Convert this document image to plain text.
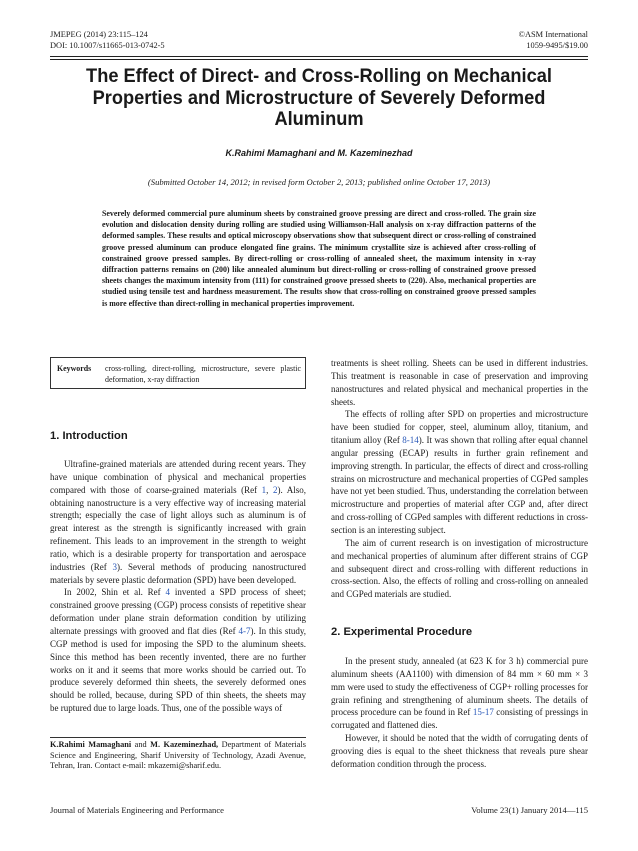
JMEPEG (2014) 23:115–124
DOI: 10.1007/s11665-013-0742-5
©ASM International
1059-9495/$19.00
The Effect of Direct- and Cross-Rolling on Mechanical Properties and Microstructure of Severely Deformed Aluminum
K.Rahimi Mamaghani and M. Kazeminezhad
(Submitted October 14, 2012; in revised form October 2, 2013; published online October 17, 2013)
Severely deformed commercial pure aluminum sheets by constrained groove pressing are direct and cross-rolled. The grain size evolution and dislocation density during rolling are studied using Williamson-Hall analysis on x-ray diffraction patterns of the deformed samples. These results and optical microscopy observations show that subsequent direct or cross-rolling of constrained groove pressed aluminum can produce elongated fine grains. The minimum crystallite size is achieved after cross-rolling of constrained groove pressed samples. By direct-rolling or cross-rolling of annealed sheet, the maximum intensity in x-ray diffraction patterns remains on (200) like annealed aluminum but direct-rolling or cross-rolling of constrained groove pressed sheets changes the maximum intensity from (111) for constrained groove pressed sheets to (220). Also, mechanical properties are studied using tensile test and hardness measurement. The results show that cross-rolling on constrained groove pressed samples is more effective than direct-rolling in mechanical properties improvement.
Keywords cross-rolling, direct-rolling, microstructure, severe plastic deformation, x-ray diffraction
1. Introduction

Ultrafine-grained materials are attended during recent years. They have unique combination of physical and mechanical properties compared with those of coarse-grained materials (Ref 1, 2). Also, obtaining nanostructure is a very effective way of increasing material strength; especially the case of light alloys such as aluminum is of great interest as the strength is significantly increased with grain refinement. This leads to an improvement in the strength to weight ratio, which is a desirable property for transportation and aerospace industries (Ref 3). Several methods of producing nanostructured materials by severe plastic deformation (SPD) have been developed.

In 2002, Shin et al. Ref 4 invented a SPD process of sheet; constrained groove pressing (CGP) process consists of repetitive shear deformation under plane strain deformation condition by utilizing alternate pressings with grooved and flat dies (Ref 4-7). In this study, CGP method is used for imposing the SPD to the aluminum sheets. Since this method has been recently invented, there are no further works on it and it seems that more works should be carried out. To produce severely deformed thin sheets, the severely deformed ones should be rolled, because, during SPD of thin sheets, the sheets may be ruptured due to large loads. Thus, one of the possible ways of

K.Rahimi Mamaghani and M. Kazeminezhad, Department of Materials Science and Engineering, Sharif University of Technology, Azadi Avenue, Tehran, Iran. Contact e-mail: mkazemi@sharif.edu.

treatments is sheet rolling. Sheets can be used in different industries. This treatment is reasonable in case of preservation and improving nanostructures and related physical and mechanical properties in the sheets.

The effects of rolling after SPD on properties and microstructure have been studied for copper, steel, aluminum alloy, titanium, and titanium alloy (Ref 8-14). It was shown that rolling after equal channel angular pressing (ECAP) results in further grain refinement and improving strength. In particular, the effects of direct and cross-rolling strains on microstructure and mechanical properties of CGPed samples have not yet been studied. Thus, understanding the correlation between microstructure and properties of material after CGP and, after direct and cross-rolling of CGPed samples with different reductions in cross-section is an interesting subject.

The aim of current research is on investigation of microstructure and mechanical properties of aluminum after different strains of CGP and subsequent direct and cross-rolling with different reductions in cross-section. Also, the effects of rolling and cross-rolling on annealed and CGPed materials are studied.

2. Experimental Procedure

In the present study, annealed (at 623 K for 3 h) commercial pure aluminum sheets (AA1100) with dimension of 84 mm × 60 mm × 3 mm were used to study the effectiveness of CGP+ rolling processes for grain refining and strengthening of aluminum sheets. The details of process procedure can be found in Ref 15-17 consisting of pressings in corrugated and flattened dies.

However, it should be noted that the width of corrugating dents of grooving dies is equal to the sheet thickness that reveals pure shear deformation condition through the process.

Journal of Materials Engineering and Performance	Volume 23(1) January 2014—115
